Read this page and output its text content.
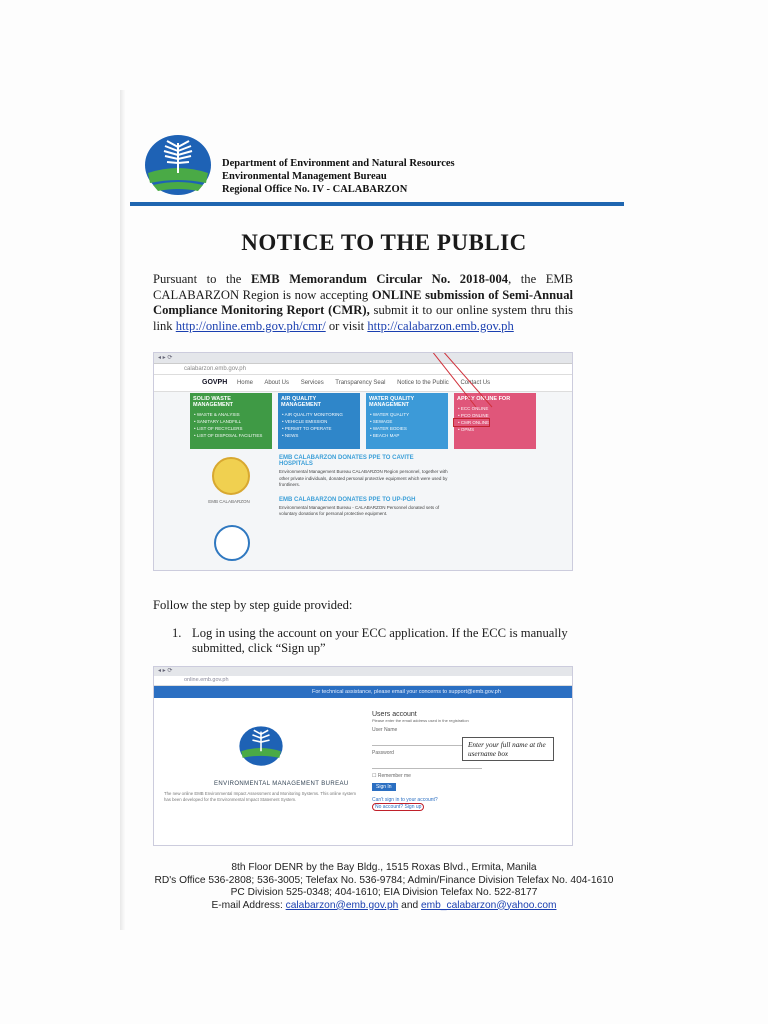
Department of Environment and Natural Resources
Environmental Management Bureau
Regional Office No. IV - CALABARZON
NOTICE TO THE PUBLIC
Pursuant to the EMB Memorandum Circular No. 2018-004, the EMB CALABARZON Region is now accepting ONLINE submission of Semi-Annual Compliance Monitoring Report (CMR), submit it to our online system thru this link http://online.emb.gov.ph/cmr/ or visit http://calabarzon.emb.gov.ph
◂ ▸ ⟳
calabarzon.emb.gov.ph
GOVPH Home About Us Services Transparency Seal Notice to the Public Contact Us
SOLID WASTE MANAGEMENT
• WASTE & ANALYSIS
• SANITARY LANDFILL
• LIST OF RECYCLERS
• LIST OF DISPOSAL FACILITIES
AIR QUALITY MANAGEMENT
• AIR QUALITY MONITORING
• VEHICLE EMISSION
• PERMIT TO OPERATE
• NEWS
WATER QUALITY MANAGEMENT
• WATER QUALITY
• SEWAGE
• WATER BODIES
• BEACH MAP
APPLY ONLINE FOR
• ECC ONLINE
• PCO ONLINE
• CMR ONLINE
• OPMS
EMB CALABARZON
EMB CALABARZON DONATES PPE TO CAVITE HOSPITALS
Environmental Management Bureau CALABARZON Region personnel, together with other private individuals, donated personal protective equipment which were used by frontliners.
EMB CALABARZON DONATES PPE TO UP-PGH
Environmental Management Bureau - CALABARZON Personnel donated sets of voluntary donations for personal protective equipment.
Follow the step by step guide provided:
1. Log in using the account on your ECC application. If the ECC is manually submitted, click “Sign up”
◂ ▸ ⟳
online.emb.gov.ph
For technical assistance, please email your concerns to support@emb.gov.ph
ENVIRONMENTAL MANAGEMENT BUREAU
The new online EMB Environmental Impact Assessment and Monitoring Systems. This online system has been developed for the Environmental Impact Statement System.
Users account
Please enter the email address used in the registration
User Name
Password
☐ Remember me
Sign In
Can't sign in to your account?
No account? Sign up
Enter your full name at the username box
8th Floor DENR by the Bay Bldg., 1515 Roxas Blvd., Ermita, Manila
RD's Office 536-2808; 536-3005; Telefax No. 536-9784; Admin/Finance Division Telefax No. 404-1610
PC Division 525-0348; 404-1610; EIA Division Telefax No. 522-8177
E-mail Address: calabarzon@emb.gov.ph and emb_calabarzon@yahoo.com
